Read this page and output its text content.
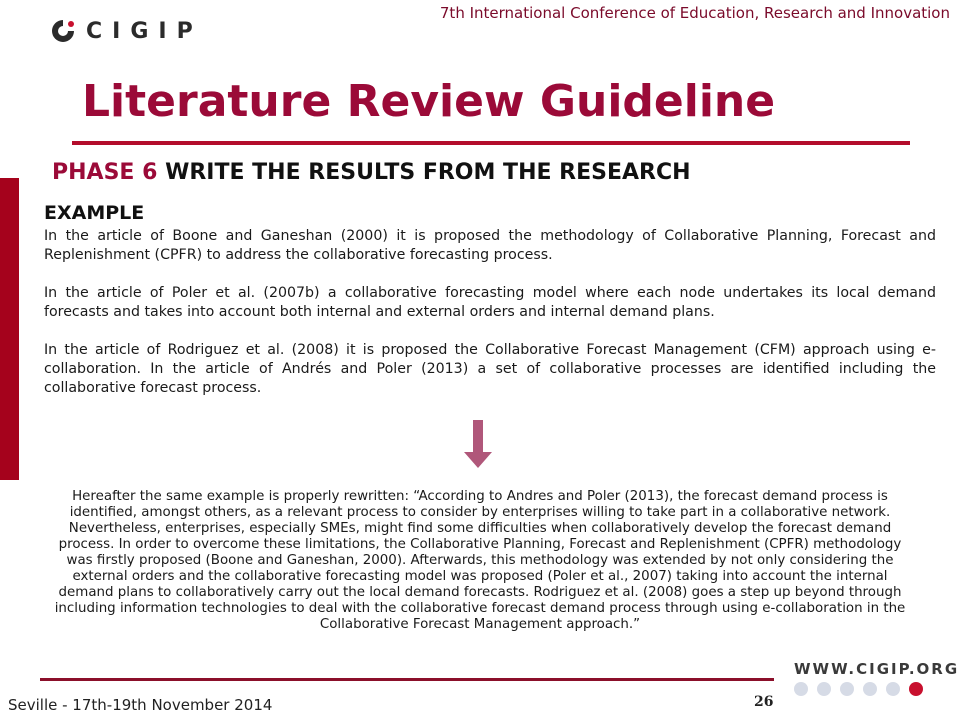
CIGIP
7th International Conference of Education, Research and Innovation
Literature Review Guideline
PHASE 6 WRITE THE RESULTS FROM THE RESEARCH
EXAMPLE

In the article of Boone and Ganeshan (2000) it is proposed the methodology of Collaborative Planning, Forecast and Replenishment (CPFR) to address the collaborative forecasting process.

In the article of Poler et al. (2007b) a collaborative forecasting model where each node undertakes its local demand forecasts and takes into account both internal and external orders and internal demand plans.

In the article of Rodriguez et al. (2008) it is proposed the Collaborative Forecast Management (CFM) approach using e-collaboration. In the article of Andrés and Poler (2013) a set of collaborative processes are identified including the collaborative forecast process.

Hereafter the same example is properly rewritten: “According to Andres and Poler (2013), the forecast demand process is identified, amongst others, as a relevant process to consider by enterprises willing to take part in a collaborative network. Nevertheless, enterprises, especially SMEs, might find some difficulties when collaboratively develop the forecast demand process. In order to overcome these limitations, the Collaborative Planning, Forecast and Replenishment (CPFR) methodology was firstly proposed (Boone and Ganeshan, 2000). Afterwards, this methodology was extended by not only considering the external orders and the collaborative forecasting model was proposed (Poler et al., 2007) taking into account the internal demand plans to collaboratively carry out the local demand forecasts. Rodriguez et al. (2008) goes a step up beyond through including information technologies to deal with the collaborative forecast demand process through using e-collaboration in the Collaborative Forecast Management approach.”
Seville - 17th-19th November 2014	26
WWW.CIGIP.ORG
